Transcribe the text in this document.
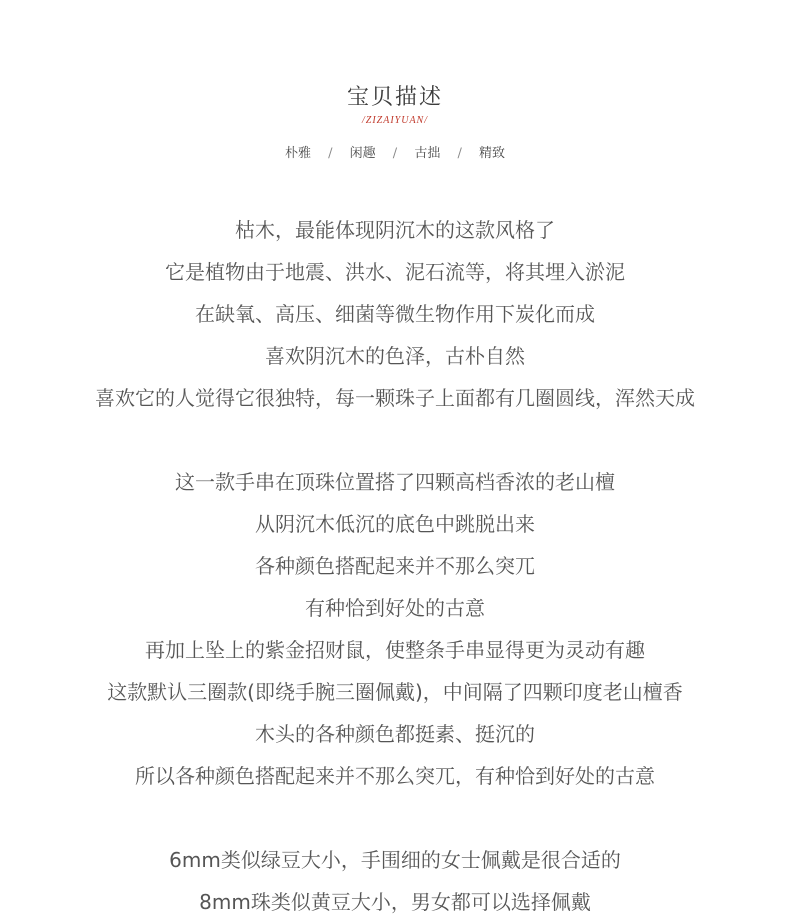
宝贝描述
/ZIZAIYUAN/
朴雅 / 闲趣 / 古拙 / 精致
枯木，最能体现阴沉木的这款风格了
它是植物由于地震、洪水、泥石流等，将其埋入淤泥
在缺氧、高压、细菌等微生物作用下炭化而成
喜欢阴沉木的色泽，古朴自然
喜欢它的人觉得它很独特，每一颗珠子上面都有几圈圆线，浑然天成
这一款手串在顶珠位置搭了四颗高档香浓的老山檀
从阴沉木低沉的底色中跳脱出来
各种颜色搭配起来并不那么突兀
有种恰到好处的古意
再加上坠上的紫金招财鼠，使整条手串显得更为灵动有趣
这款默认三圈款(即绕手腕三圈佩戴)，中间隔了四颗印度老山檀香
木头的各种颜色都挺素、挺沉的
所以各种颜色搭配起来并不那么突兀，有种恰到好处的古意
6mm类似绿豆大小，手围细的女士佩戴是很合适的
8mm珠类似黄豆大小，男女都可以选择佩戴
